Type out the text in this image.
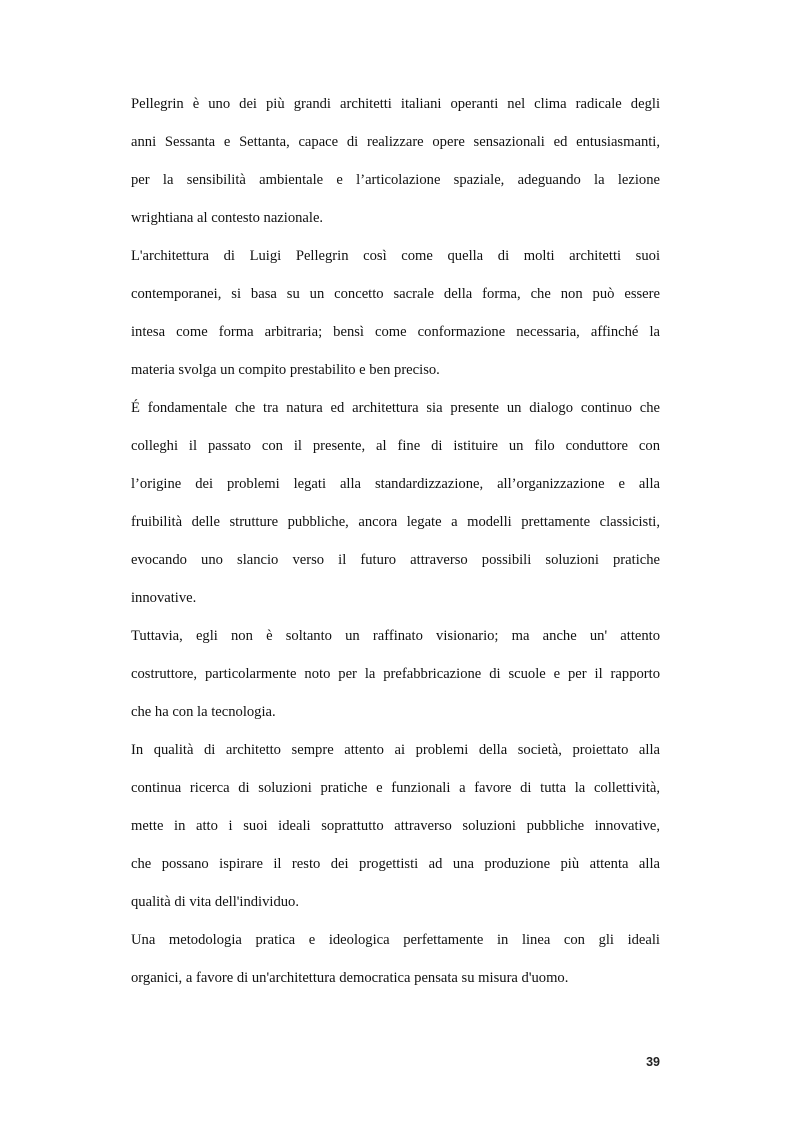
Pellegrin è uno dei più grandi architetti italiani operanti nel clima radicale degli
anni Sessanta e Settanta, capace di realizzare opere sensazionali ed entusiasmanti,
per la sensibilità ambientale e l’articolazione spaziale, adeguando la lezione
wrightiana al contesto nazionale.
L'architettura di Luigi Pellegrin così come quella di molti architetti suoi
contemporanei, si basa su un concetto sacrale della forma, che non può essere
intesa come forma arbitraria; bensì come conformazione necessaria, affinché la
materia svolga un compito prestabilito e ben preciso.
É fondamentale che tra natura ed architettura sia presente un dialogo continuo che
colleghi il passato con il presente, al fine di istituire un filo conduttore con
l’origine dei problemi legati alla standardizzazione, all’organizzazione e alla
fruibilità delle strutture pubbliche, ancora legate a modelli prettamente classicisti,
evocando uno slancio verso il futuro attraverso possibili soluzioni pratiche
innovative.
Tuttavia, egli non è soltanto un raffinato visionario; ma anche un' attento
costruttore, particolarmente noto per la prefabbricazione di scuole e per il rapporto
che ha con la tecnologia.
In qualità di architetto sempre attento ai problemi della società, proiettato alla
continua ricerca di soluzioni pratiche e funzionali a favore di tutta la collettività,
mette in atto i suoi ideali soprattutto attraverso soluzioni pubbliche innovative,
che possano ispirare il resto dei progettisti ad una produzione più attenta alla
qualità di vita dell'individuo.
Una metodologia pratica e ideologica perfettamente in linea con gli ideali
organici, a favore di un'architettura democratica pensata su misura d'uomo.
39
